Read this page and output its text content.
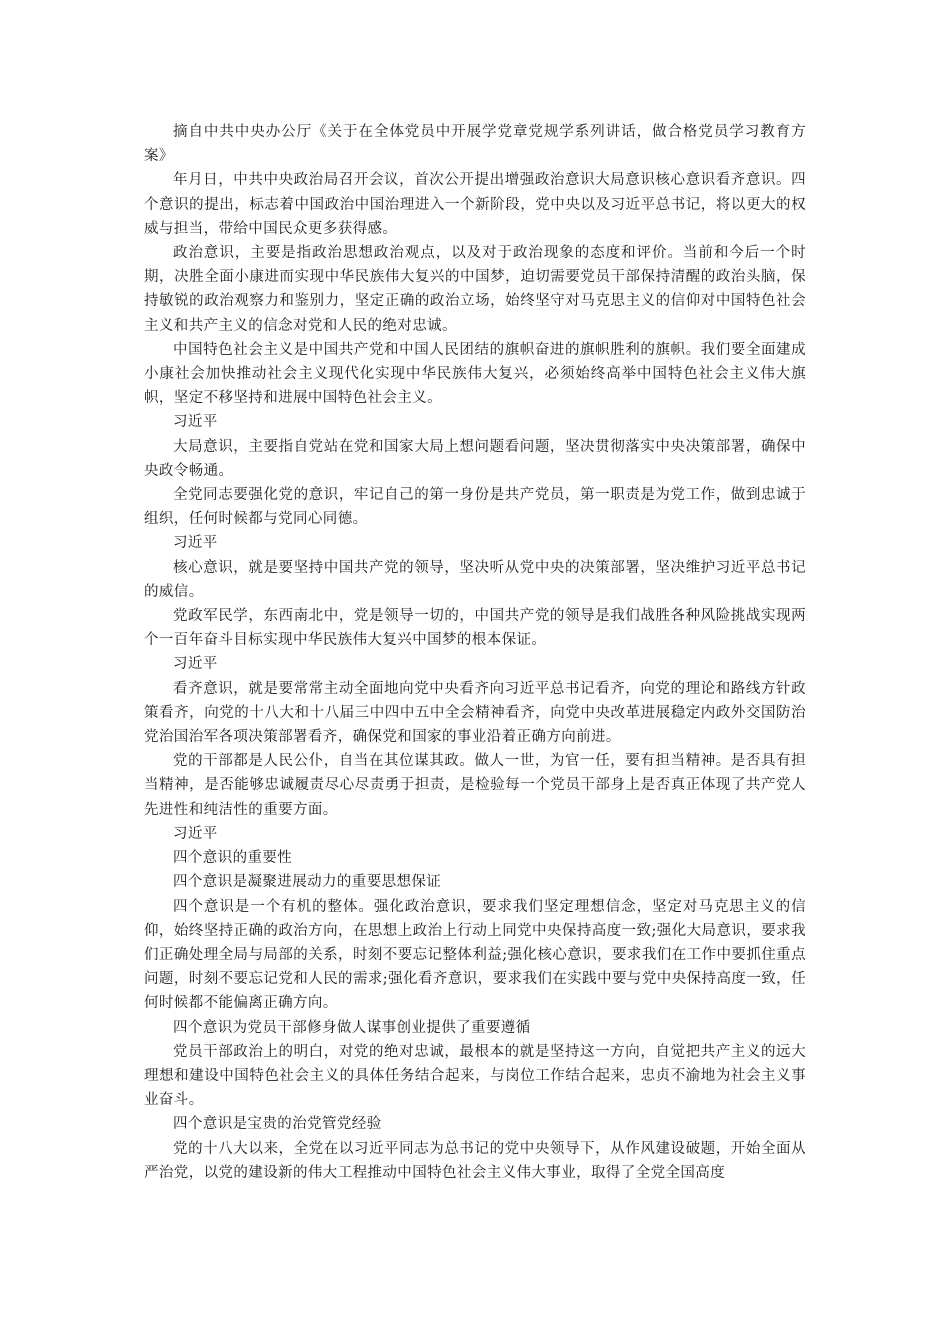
摘自中共中央办公厅《关于在全体党员中开展学党章党规学系列讲话，做合格党员学习教育方案》

年月日，中共中央政治局召开会议，首次公开提出增强政治意识大局意识核心意识看齐意识。四个意识的提出，标志着中国政治中国治理进入一个新阶段，党中央以及习近平总书记，将以更大的权威与担当，带给中国民众更多获得感。

政治意识，主要是指政治思想政治观点，以及对于政治现象的态度和评价。当前和今后一个时期，决胜全面小康进而实现中华民族伟大复兴的中国梦，迫切需要党员干部保持清醒的政治头脑，保持敏锐的政治观察力和鉴别力，坚定正确的政治立场，始终坚守对马克思主义的信仰对中国特色社会主义和共产主义的信念对党和人民的绝对忠诚。

中国特色社会主义是中国共产党和中国人民团结的旗帜奋进的旗帜胜利的旗帜。我们要全面建成小康社会加快推动社会主义现代化实现中华民族伟大复兴，必须始终高举中国特色社会主义伟大旗帜，坚定不移坚持和进展中国特色社会主义。

习近平

大局意识，主要指自党站在党和国家大局上想问题看问题，坚决贯彻落实中央决策部署，确保中央政令畅通。

全党同志要强化党的意识，牢记自己的第一身份是共产党员，第一职责是为党工作，做到忠诚于组织，任何时候都与党同心同德。

习近平

核心意识，就是要坚持中国共产党的领导，坚决听从党中央的决策部署，坚决维护习近平总书记的威信。

党政军民学，东西南北中，党是领导一切的，中国共产党的领导是我们战胜各种风险挑战实现两个一百年奋斗目标实现中华民族伟大复兴中国梦的根本保证。

习近平

看齐意识，就是要常常主动全面地向党中央看齐向习近平总书记看齐，向党的理论和路线方针政策看齐，向党的十八大和十八届三中四中五中全会精神看齐，向党中央改革进展稳定内政外交国防治党治国治军各项决策部署看齐，确保党和国家的事业沿着正确方向前进。

党的干部都是人民公仆，自当在其位谋其政。做人一世，为官一任，要有担当精神。是否具有担当精神，是否能够忠诚履责尽心尽责勇于担责，是检验每一个党员干部身上是否真正体现了共产党人先进性和纯洁性的重要方面。

习近平

四个意识的重要性

四个意识是凝聚进展动力的重要思想保证

四个意识是一个有机的整体。强化政治意识，要求我们坚定理想信念，坚定对马克思主义的信仰，始终坚持正确的政治方向，在思想上政治上行动上同党中央保持高度一致;强化大局意识，要求我们正确处理全局与局部的关系，时刻不要忘记整体利益;强化核心意识，要求我们在工作中要抓住重点问题，时刻不要忘记党和人民的需求;强化看齐意识，要求我们在实践中要与党中央保持高度一致，任何时候都不能偏离正确方向。

四个意识为党员干部修身做人谋事创业提供了重要遵循

党员干部政治上的明白，对党的绝对忠诚，最根本的就是坚持这一方向，自觉把共产主义的远大理想和建设中国特色社会主义的具体任务结合起来，与岗位工作结合起来，忠贞不渝地为社会主义事业奋斗。

四个意识是宝贵的治党管党经验

党的十八大以来，全党在以习近平同志为总书记的党中央领导下，从作风建设破题，开始全面从严治党，以党的建设新的伟大工程推动中国特色社会主义伟大事业，取得了全党全国高度
